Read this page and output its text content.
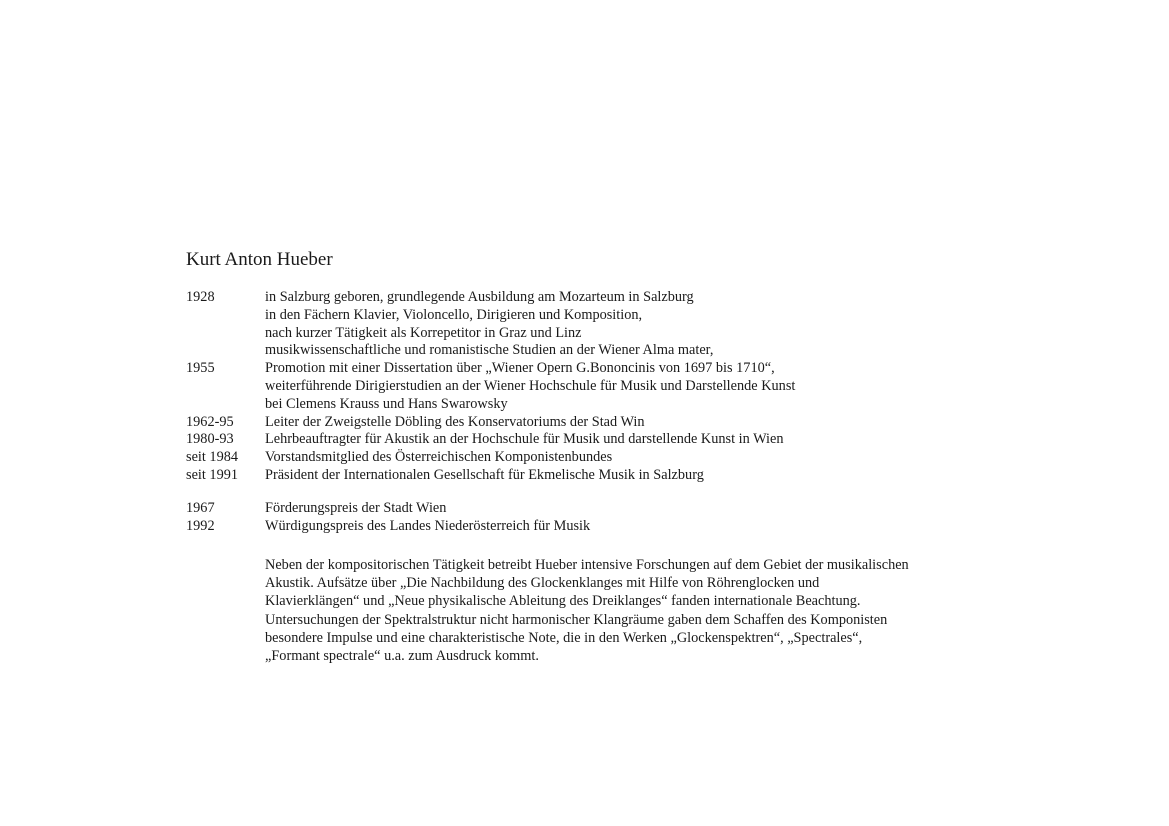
Kurt Anton Hueber
1928	in Salzburg geboren, grundlegende Ausbildung am Mozarteum in Salzburg
in den Fächern Klavier, Violoncello, Dirigieren und Komposition,
nach kurzer Tätigkeit als Korrepetitor in Graz und Linz
musikwissenschaftliche und romanistische Studien an der Wiener Alma mater,
1955	Promotion mit einer Dissertation über „Wiener Opern G.Bononcinis von 1697 bis 1710“,
weiterführende Dirigierstudien an der Wiener Hochschule für Musik und Darstellende Kunst
bei Clemens Krauss und Hans Swarowsky
1962-95	Leiter der Zweigstelle Döbling des Konservatoriums der Stad Win
1980-93	Lehrbeauftragter für Akustik an der Hochschule für Musik und darstellende Kunst in Wien
seit 1984	Vorstandsmitglied des Österreichischen Komponistenbundes
seit 1991	Präsident der Internationalen Gesellschaft für Ekmelische Musik in Salzburg
1967	Förderungspreis der Stadt Wien
1992	Würdigungspreis des Landes Niederösterreich für Musik
Neben der kompositorischen Tätigkeit betreibt Hueber intensive Forschungen auf dem Gebiet der musikalischen
Akustik. Aufsätze über „Die Nachbildung des Glockenklanges mit Hilfe von Röhrenglocken und
Klavierklängen“ und „Neue physikalische Ableitung des Dreiklanges“ fanden internationale Beachtung.
Untersuchungen der Spektralstruktur nicht harmonischer Klangräume gaben dem Schaffen des Komponisten
besondere Impulse und eine charakteristische Note, die in den Werken „Glockenspektren“, „Spectrales“,
„Formant spectrale“ u.a. zum Ausdruck kommt.
